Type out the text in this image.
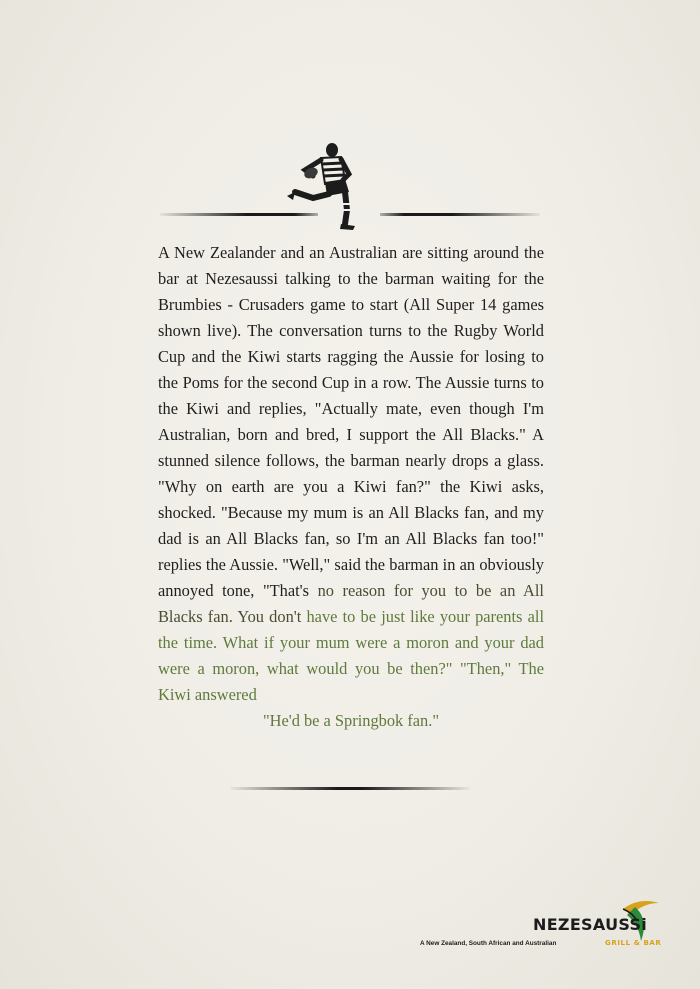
A New Zealander and an Australian are sitting around the bar at Nezesaussi talking to the barman waiting for the Brumbies - Crusaders game to start (All Super 14 games shown live). The conversation turns to the Rugby World Cup and the Kiwi starts ragging the Aussie for losing to the Poms for the second Cup in a row. The Aussie turns to the Kiwi and replies, "Actually mate, even though I'm Australian, born and bred, I support the All Blacks." A stunned silence follows, the barman nearly drops a glass. "Why on earth are you a Kiwi fan?" the Kiwi asks, shocked. "Because my mum is an All Blacks fan, and my dad is an All Blacks fan, so I'm an All Blacks fan too!" replies the Aussie. "Well," said the barman in an obviously annoyed tone, "That's no reason for you to be an All Blacks fan. You don't have to be just like your parents all the time. What if your mum were a moron and your dad were a moron, what would you be then?" "Then," The Kiwi answered

"He'd be a Springbok fan."

NEZESAUSSi
A New Zealand, South African and Australian	GRILL & BAR
